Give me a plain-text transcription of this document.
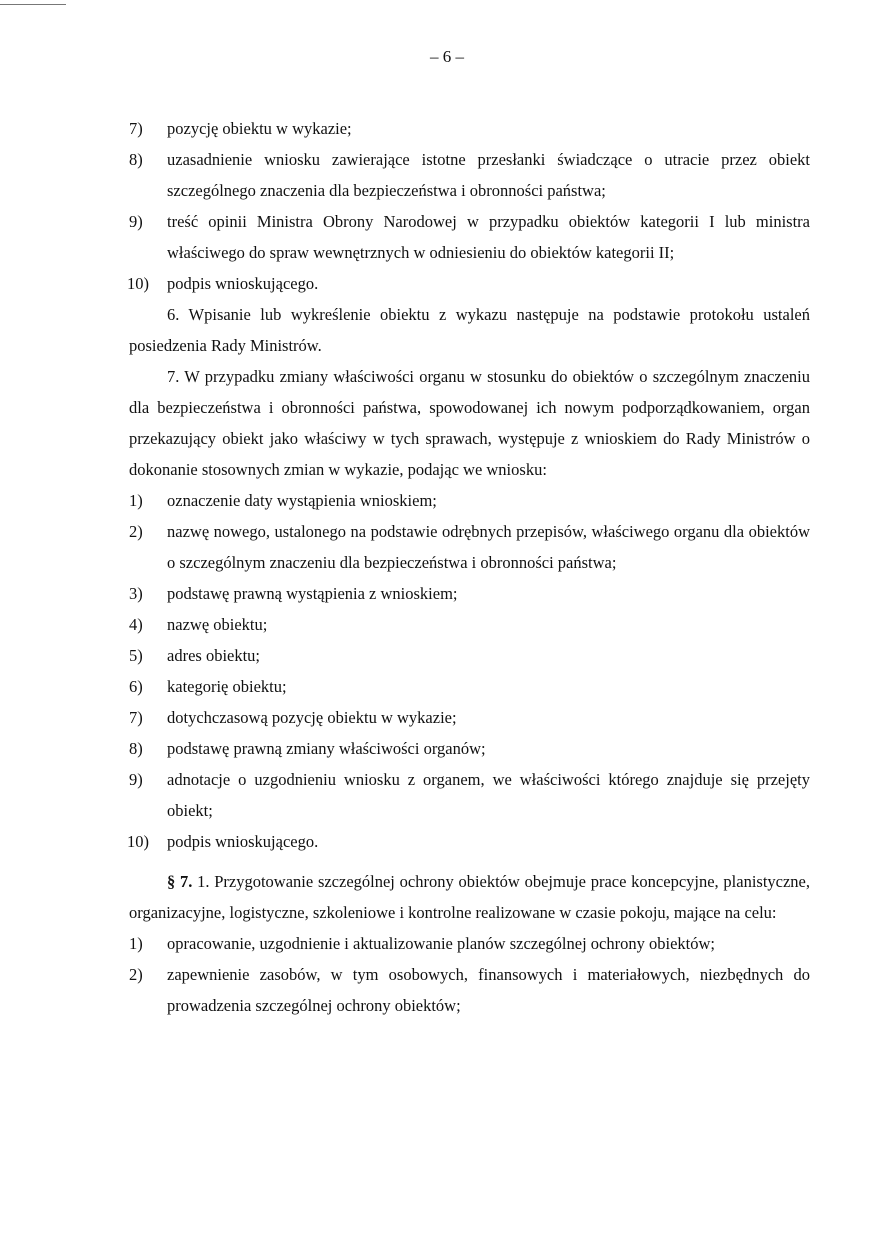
– 6 –
7) pozycję obiektu w wykazie;
8) uzasadnienie wniosku zawierające istotne przesłanki świadczące o utracie przez obiekt szczególnego znaczenia dla bezpieczeństwa i obronności państwa;
9) treść opinii Ministra Obrony Narodowej w przypadku obiektów kategorii I lub ministra właściwego do spraw wewnętrznych w odniesieniu do obiektów kategorii II;
10) podpis wnioskującego.
6. Wpisanie lub wykreślenie obiektu z wykazu następuje na podstawie protokołu ustaleń posiedzenia Rady Ministrów.
7. W przypadku zmiany właściwości organu w stosunku do obiektów o szczególnym znaczeniu dla bezpieczeństwa i obronności państwa, spowodowanej ich nowym podporządkowaniem, organ przekazujący obiekt jako właściwy w tych sprawach, występuje z wnioskiem do Rady Ministrów o dokonanie stosownych zmian w wykazie, podając we wniosku:
1) oznaczenie daty wystąpienia wnioskiem;
2) nazwę nowego, ustalonego na podstawie odrębnych przepisów, właściwego organu dla obiektów o szczególnym znaczeniu dla bezpieczeństwa i obronności państwa;
3) podstawę prawną wystąpienia z wnioskiem;
4) nazwę obiektu;
5) adres obiektu;
6) kategorię obiektu;
7) dotychczasową pozycję obiektu w wykazie;
8) podstawę prawną zmiany właściwości organów;
9) adnotacje o uzgodnieniu wniosku z organem, we właściwości którego znajduje się przejęty obiekt;
10) podpis wnioskującego.
§ 7. 1. Przygotowanie szczególnej ochrony obiektów obejmuje prace koncepcyjne, planistyczne, organizacyjne, logistyczne, szkoleniowe i kontrolne realizowane w czasie pokoju, mające na celu:
1) opracowanie, uzgodnienie i aktualizowanie planów szczególnej ochrony obiektów;
2) zapewnienie zasobów, w tym osobowych, finansowych i materiałowych, niezbędnych do prowadzenia szczególnej ochrony obiektów;
